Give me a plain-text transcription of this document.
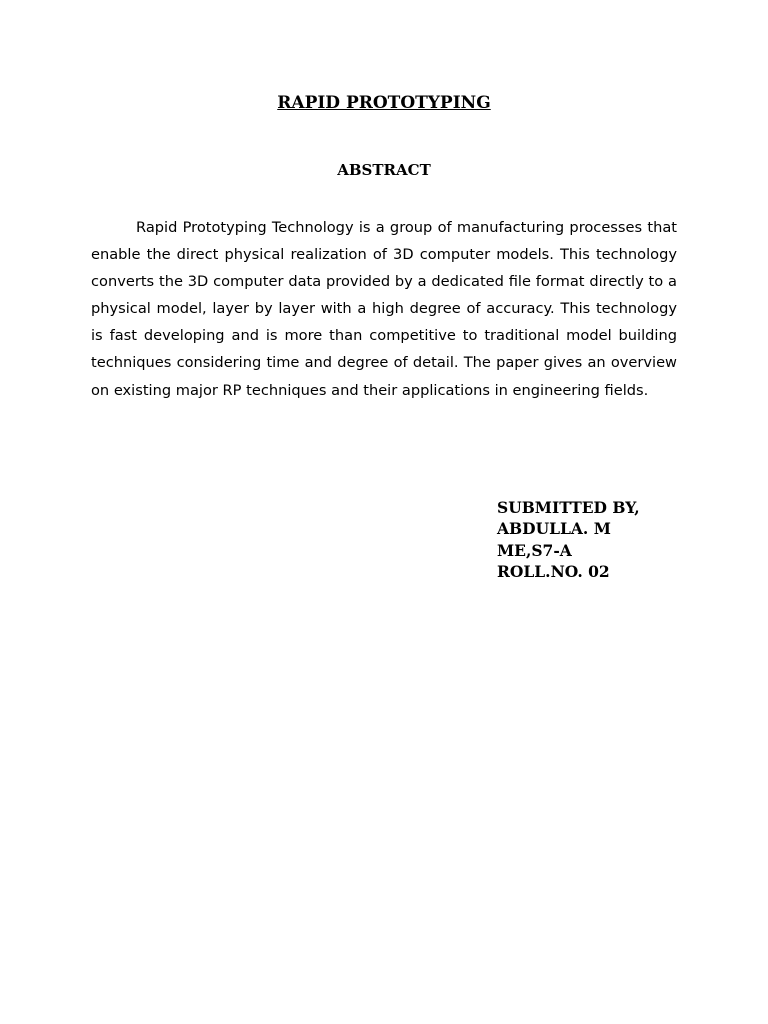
RAPID PROTOTYPING
ABSTRACT

Rapid Prototyping Technology is a group of manufacturing processes that enable the direct physical realization of 3D computer models. This technology converts the 3D computer data provided by a dedicated file format directly to a physical model, layer by layer with a high degree of accuracy. This technology is fast developing and is more than competitive to traditional model building techniques considering time and degree of detail. The paper gives an overview on existing major RP techniques and their applications in engineering fields.

SUBMITTED BY,
ABDULLA. M
ME,S7-A
ROLL.NO. 02
